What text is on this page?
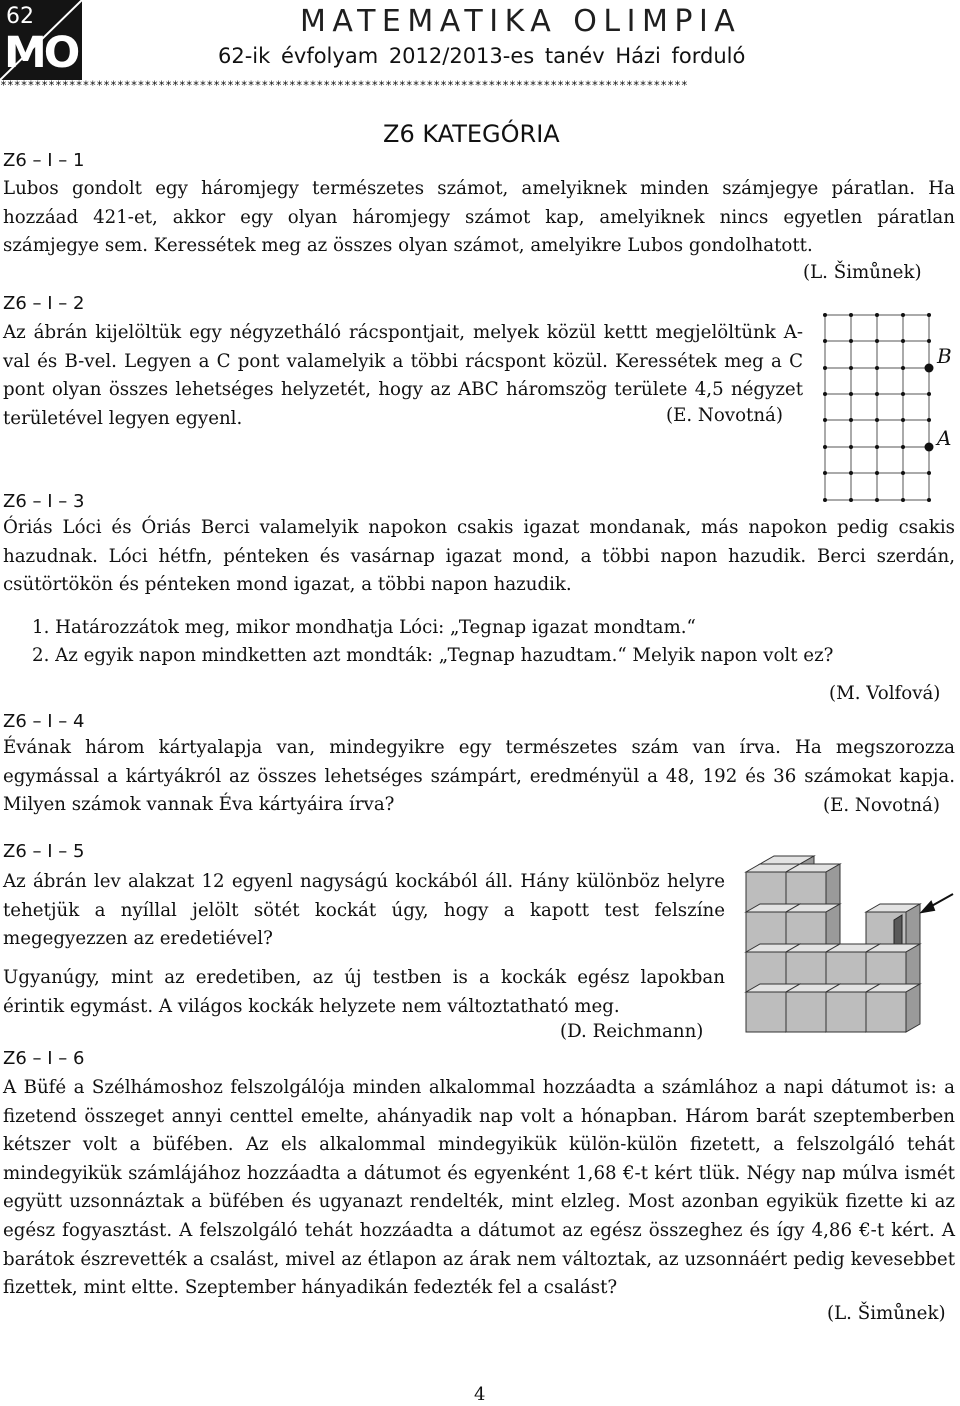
62
MO
MATEMATIKA OLIMPIA
62-ik évfolyam 2012/2013-es tanév Házi forduló
****************************************************************************************************
Z6 KATEGÓRIA
Z6 – I – 1
Lubos gondolt egy háromjegy természetes számot, amelyiknek minden számjegye páratlan. Ha hozzáad 421-et, akkor egy olyan háromjegy számot kap, amelyiknek nincs egyetlen páratlan számjegye sem. Keressétek meg az összes olyan számot, amelyikre Lubos gondolhatott.
(L. Šimůnek)
Z6 – I – 2
Az ábrán kijelöltük egy négyzetháló rácspontjait, melyek közül kettt megjelöltünk A-val és B-vel. Legyen a C pont valamelyik a többi rácspont közül. Keressétek meg a C pont olyan összes lehetséges helyzetét, hogy az ABC háromszög területe 4,5 négyzet területével legyen egyenl.	(E. Novotná)
B
A
Z6 – I – 3
Óriás Lóci és Óriás Berci valamelyik napokon csakis igazat mondanak, más napokon pedig csakis hazudnak. Lóci hétfn, pénteken és vasárnap igazat mond, a többi napon hazudik. Berci szerdán, csütörtökön és pénteken mond igazat, a többi napon hazudik.
1. Határozzátok meg, mikor mondhatja Lóci: „Tegnap igazat mondtam.“
2. Az egyik napon mindketten azt mondták: „Tegnap hazudtam.“ Melyik napon volt ez?
(M. Volfová)
Z6 – I – 4
Évának három kártyalapja van, mindegyikre egy természetes szám van írva. Ha megszorozza egymással a kártyákról az összes lehetséges számpárt, eredményül a 48, 192 és 36 számokat kapja. Milyen számok vannak Éva kártyáira írva?	(E. Novotná)
Z6 – I – 5
Az ábrán lev alakzat 12 egyenl nagyságú kockából áll. Hány különböz helyre tehetjük a nyíllal jelölt sötét kockát úgy, hogy a kapott test felszíne megegyezzen az eredetiével?
Ugyanúgy, mint az eredetiben, az új testben is a kockák egész lapokban érintik egymást. A világos kockák helyzete nem változtatható meg.
(D. Reichmann)
Z6 – I – 6
A Büfé a Szélhámoshoz felszolgálója minden alkalommal hozzáadta a számlához a napi dátumot is: a fizetend összeget annyi centtel emelte, ahányadik nap volt a hónapban. Három barát szeptemberben kétszer volt a büfében. Az els alkalommal mindegyikük külön-külön fizetett, a felszolgáló tehát mindegyikük számlájához hozzáadta a dátumot és egyenként 1,68 €-t kért tlük. Négy nap múlva ismét együtt uzsonnáztak a büfében és ugyanazt rendelték, mint elzleg. Most azonban egyikük fizette ki az egész fogyasztást. A felszolgáló tehát hozzáadta a dátumot az egész összeghez és így 4,86 €-t kért. A barátok észrevették a csalást, mivel az étlapon az árak nem változtak, az uzsonnáért pedig kevesebbet fizettek, mint eltte. Szeptember hányadikán fedezték fel a csalást?
(L. Šimůnek)
4
